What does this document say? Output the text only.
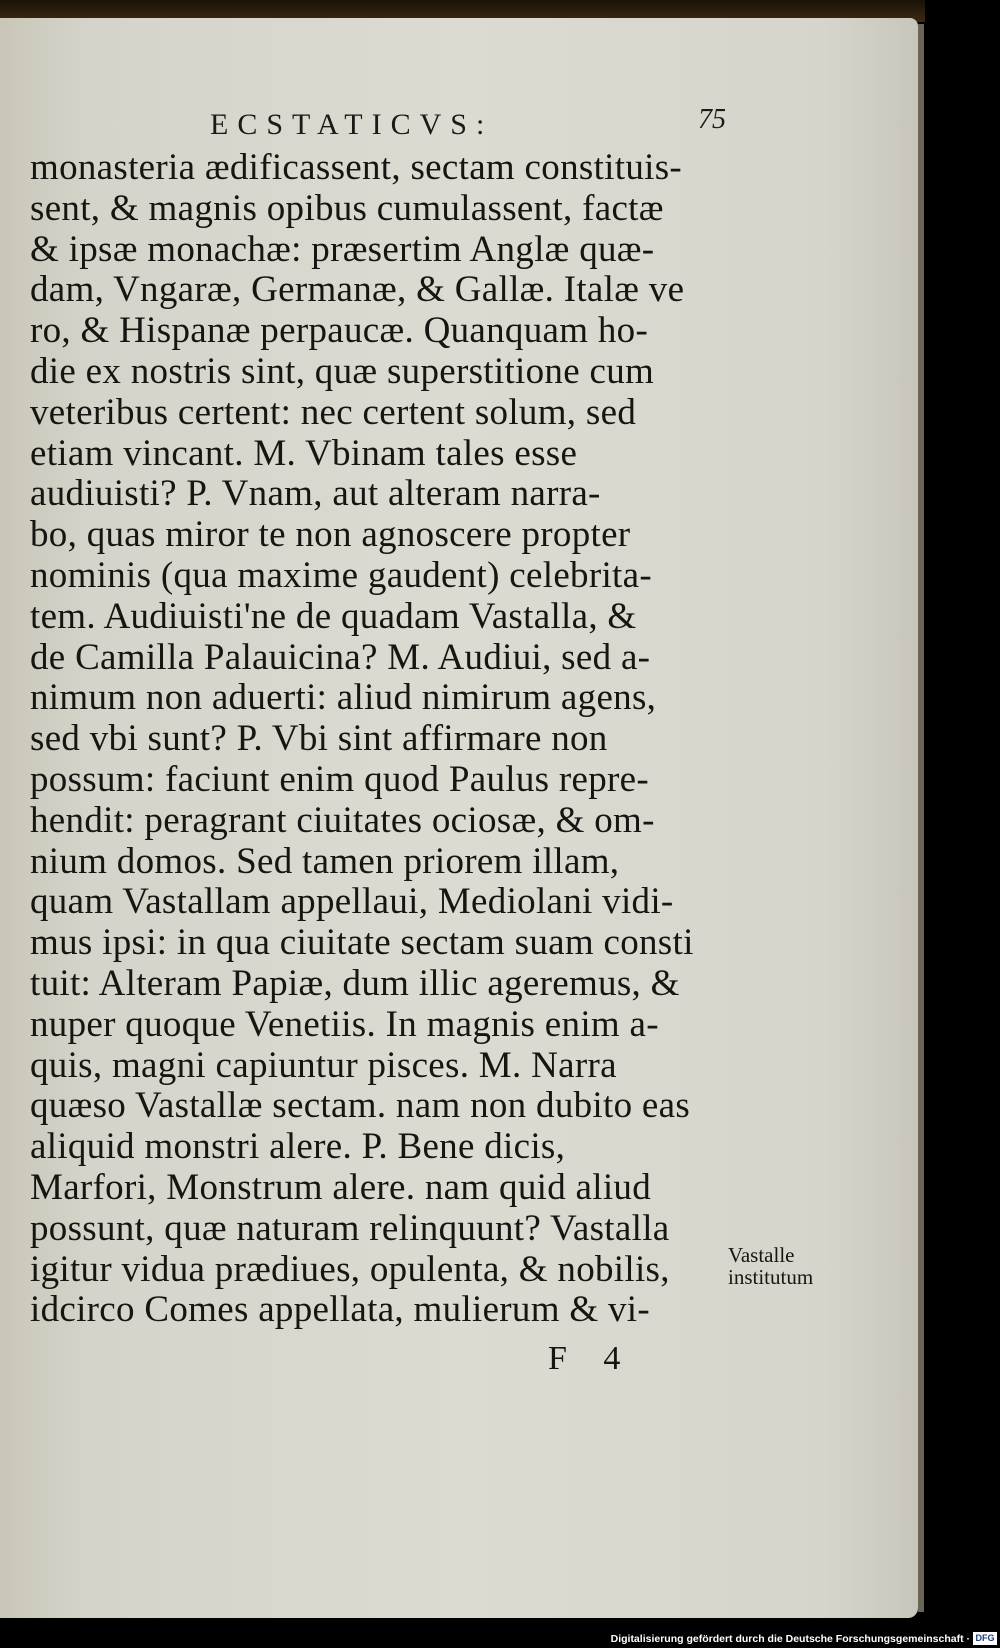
ECSTATICVS:	75
monasteria ædificassent, sectam constituis-
sent, & magnis opibus cumulassent, factæ
& ipsæ monachæ: præsertim Anglæ quæ-
dam, Vngaræ, Germanæ, & Gallæ. Italæ ve
ro, & Hispanæ perpaucæ. Quanquam ho-
die ex nostris sint, quæ superstitione cum
veteribus certent: nec certent solum, sed
etiam vincant. M. Vbinam tales esse
audiuisti? P. Vnam, aut alteram narra-
bo, quas miror te non agnoscere propter
nominis (qua maxime gaudent) celebrita-
tem. Audiuisti'ne de quadam Vastalla, &
de Camilla Palauicina? M. Audiui, sed a-
nimum non aduerti: aliud nimirum agens,
sed vbi sunt? P. Vbi sint affirmare non
possum: faciunt enim quod Paulus repre-
hendit: peragrant ciuitates ociosæ, & om-
nium domos. Sed tamen priorem illam,
quam Vastallam appellaui, Mediolani vidi-
mus ipsi: in qua ciuitate sectam suam consti
tuit: Alteram Papiæ, dum illic ageremus, &
nuper quoque Venetiis. In magnis enim a-
quis, magni capiuntur pisces. M. Narra
quæso Vastallæ sectam. nam non dubito eas
aliquid monstri alere. P. Bene dicis,
Marfori, Monstrum alere. nam quid aliud
possunt, quæ naturam relinquunt? Vastalla
igitur vidua prædiues, opulenta, & nobilis,
idcirco Comes appellata, mulierum & vi-
Vastalle
institutum
F 4
Digitalisierung gefördert durch die Deutsche Forschungsgemeinschaft · DFG
